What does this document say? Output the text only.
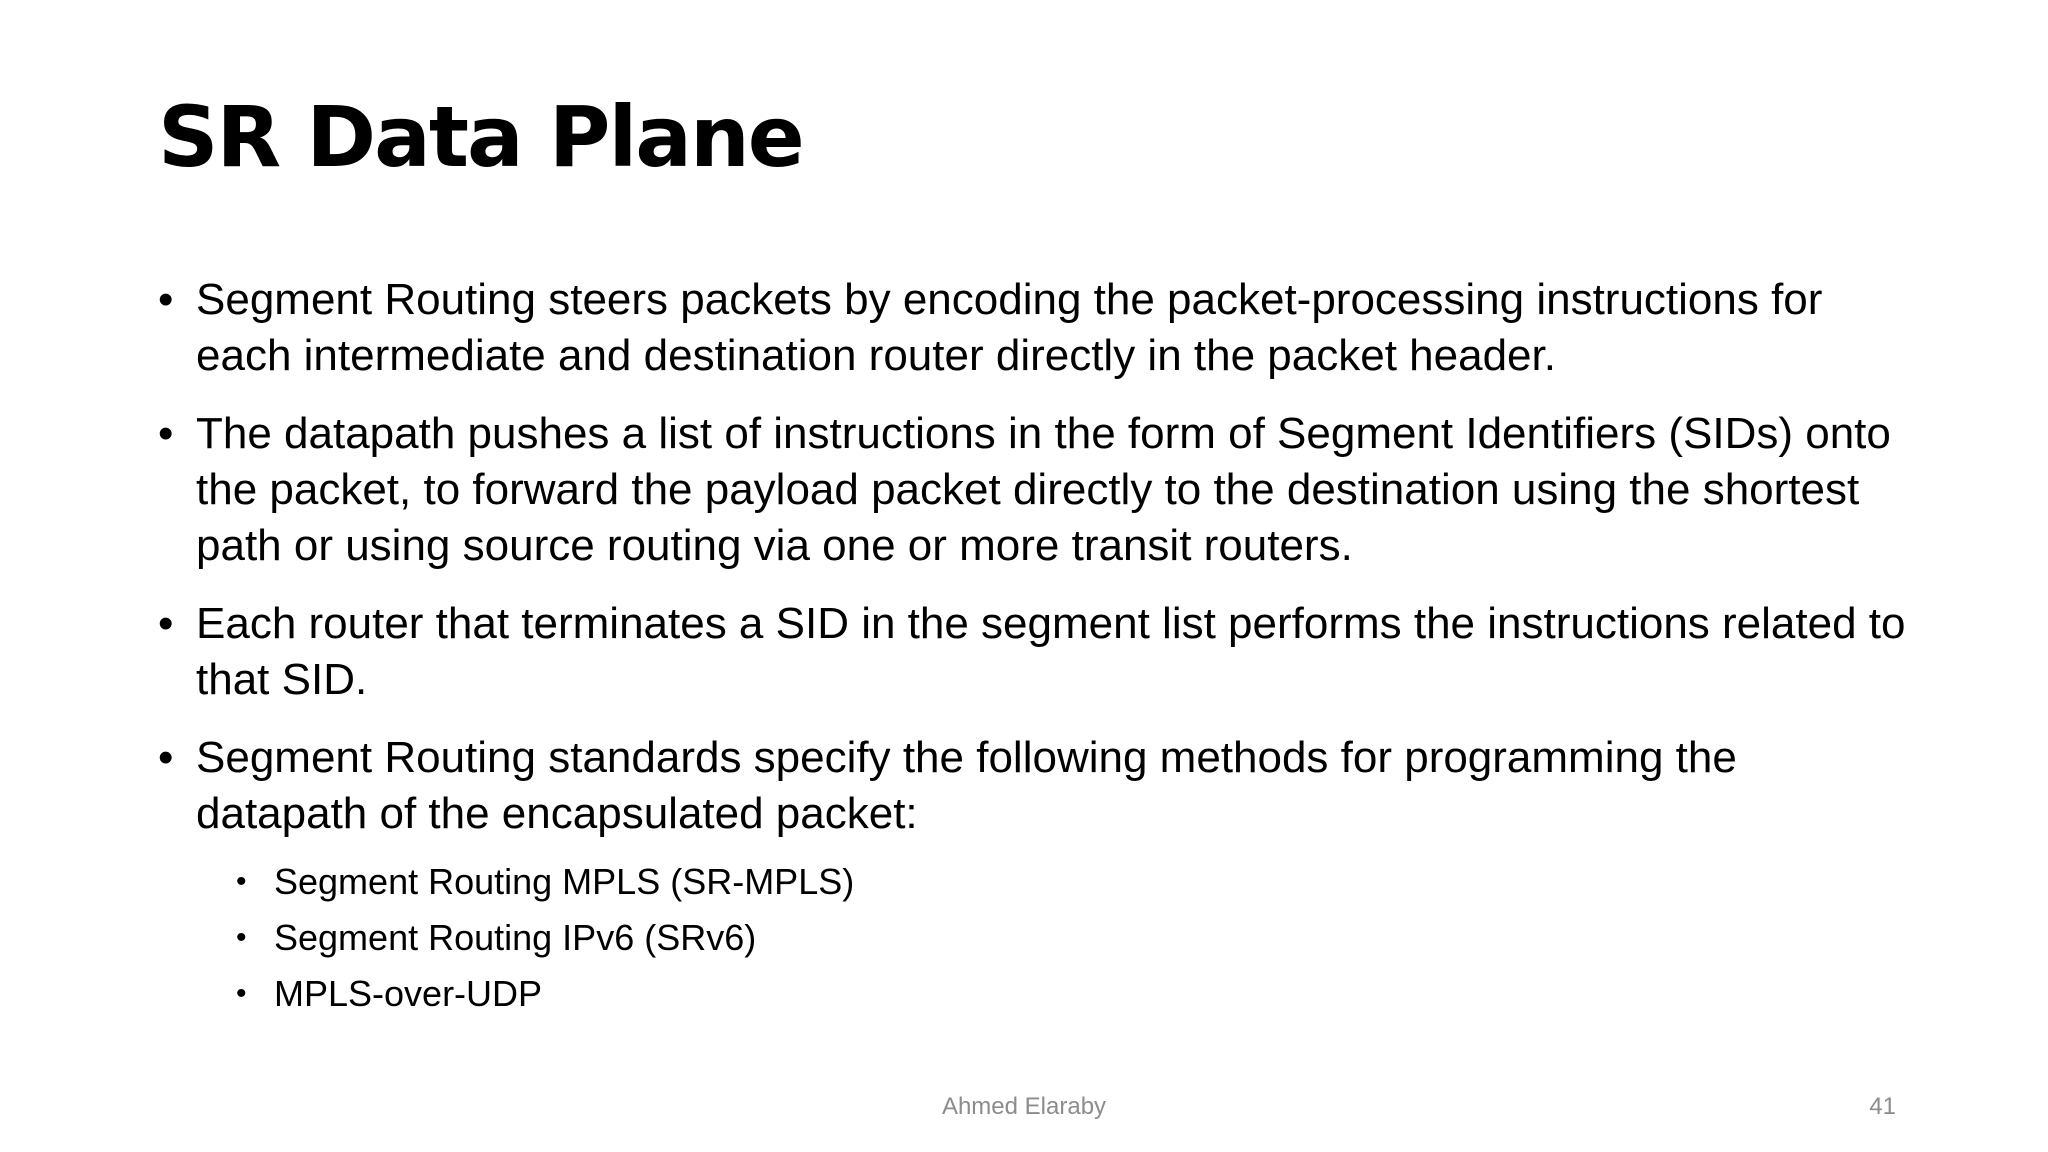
SR Data Plane
• Segment Routing steers packets by encoding the packet-processing instructions for each intermediate and destination router directly in the packet header.
• The datapath pushes a list of instructions in the form of Segment Identifiers (SIDs) onto the packet, to forward the payload packet directly to the destination using the shortest path or using source routing via one or more transit routers.
• Each router that terminates a SID in the segment list performs the instructions related to that SID.
• Segment Routing standards specify the following methods for programming the datapath of the encapsulated packet:
• Segment Routing MPLS (SR-MPLS)
• Segment Routing IPv6 (SRv6)
• MPLS-over-UDP
Ahmed Elaraby	41
